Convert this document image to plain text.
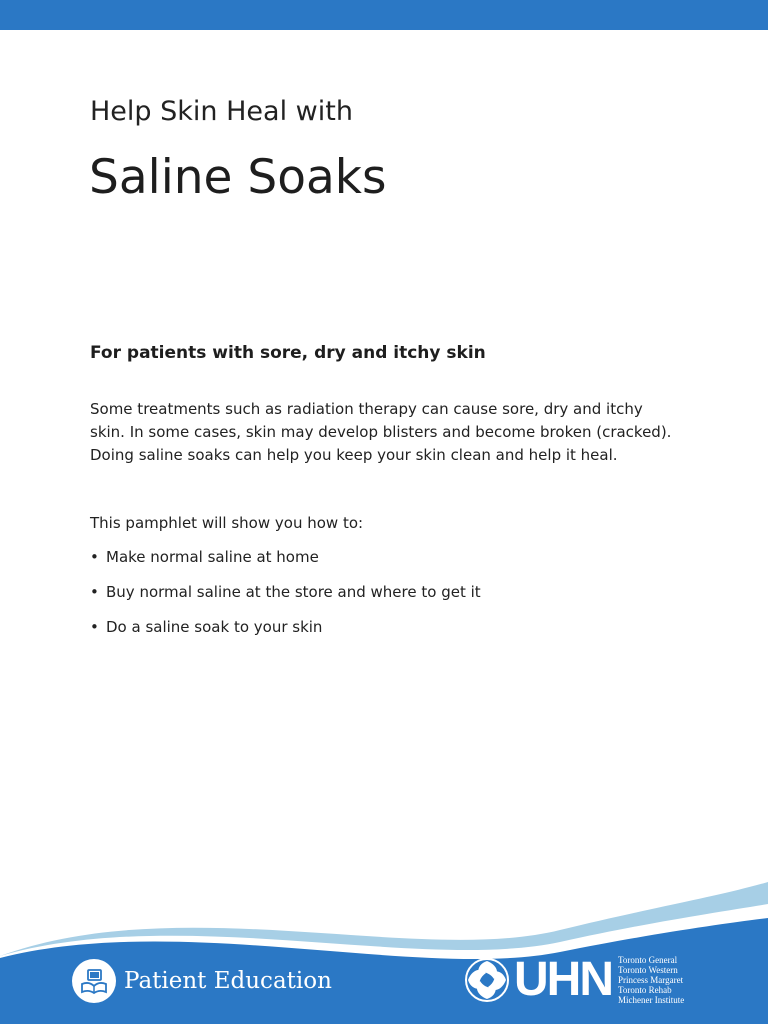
Help Skin Heal with
Saline Soaks
For patients with sore, dry and itchy skin
Some treatments such as radiation therapy can cause sore, dry and itchy
skin. In some cases, skin may develop blisters and become broken (cracked).
Doing saline soaks can help you keep your skin clean and help it heal.
This pamphlet will show you how to:
• Make normal saline at home
• Buy normal saline at the store and where to get it
• Do a saline soak to your skin
Patient Education	UHN Toronto General
Toronto Western
Princess Margaret
Toronto Rehab
Michener Institute
